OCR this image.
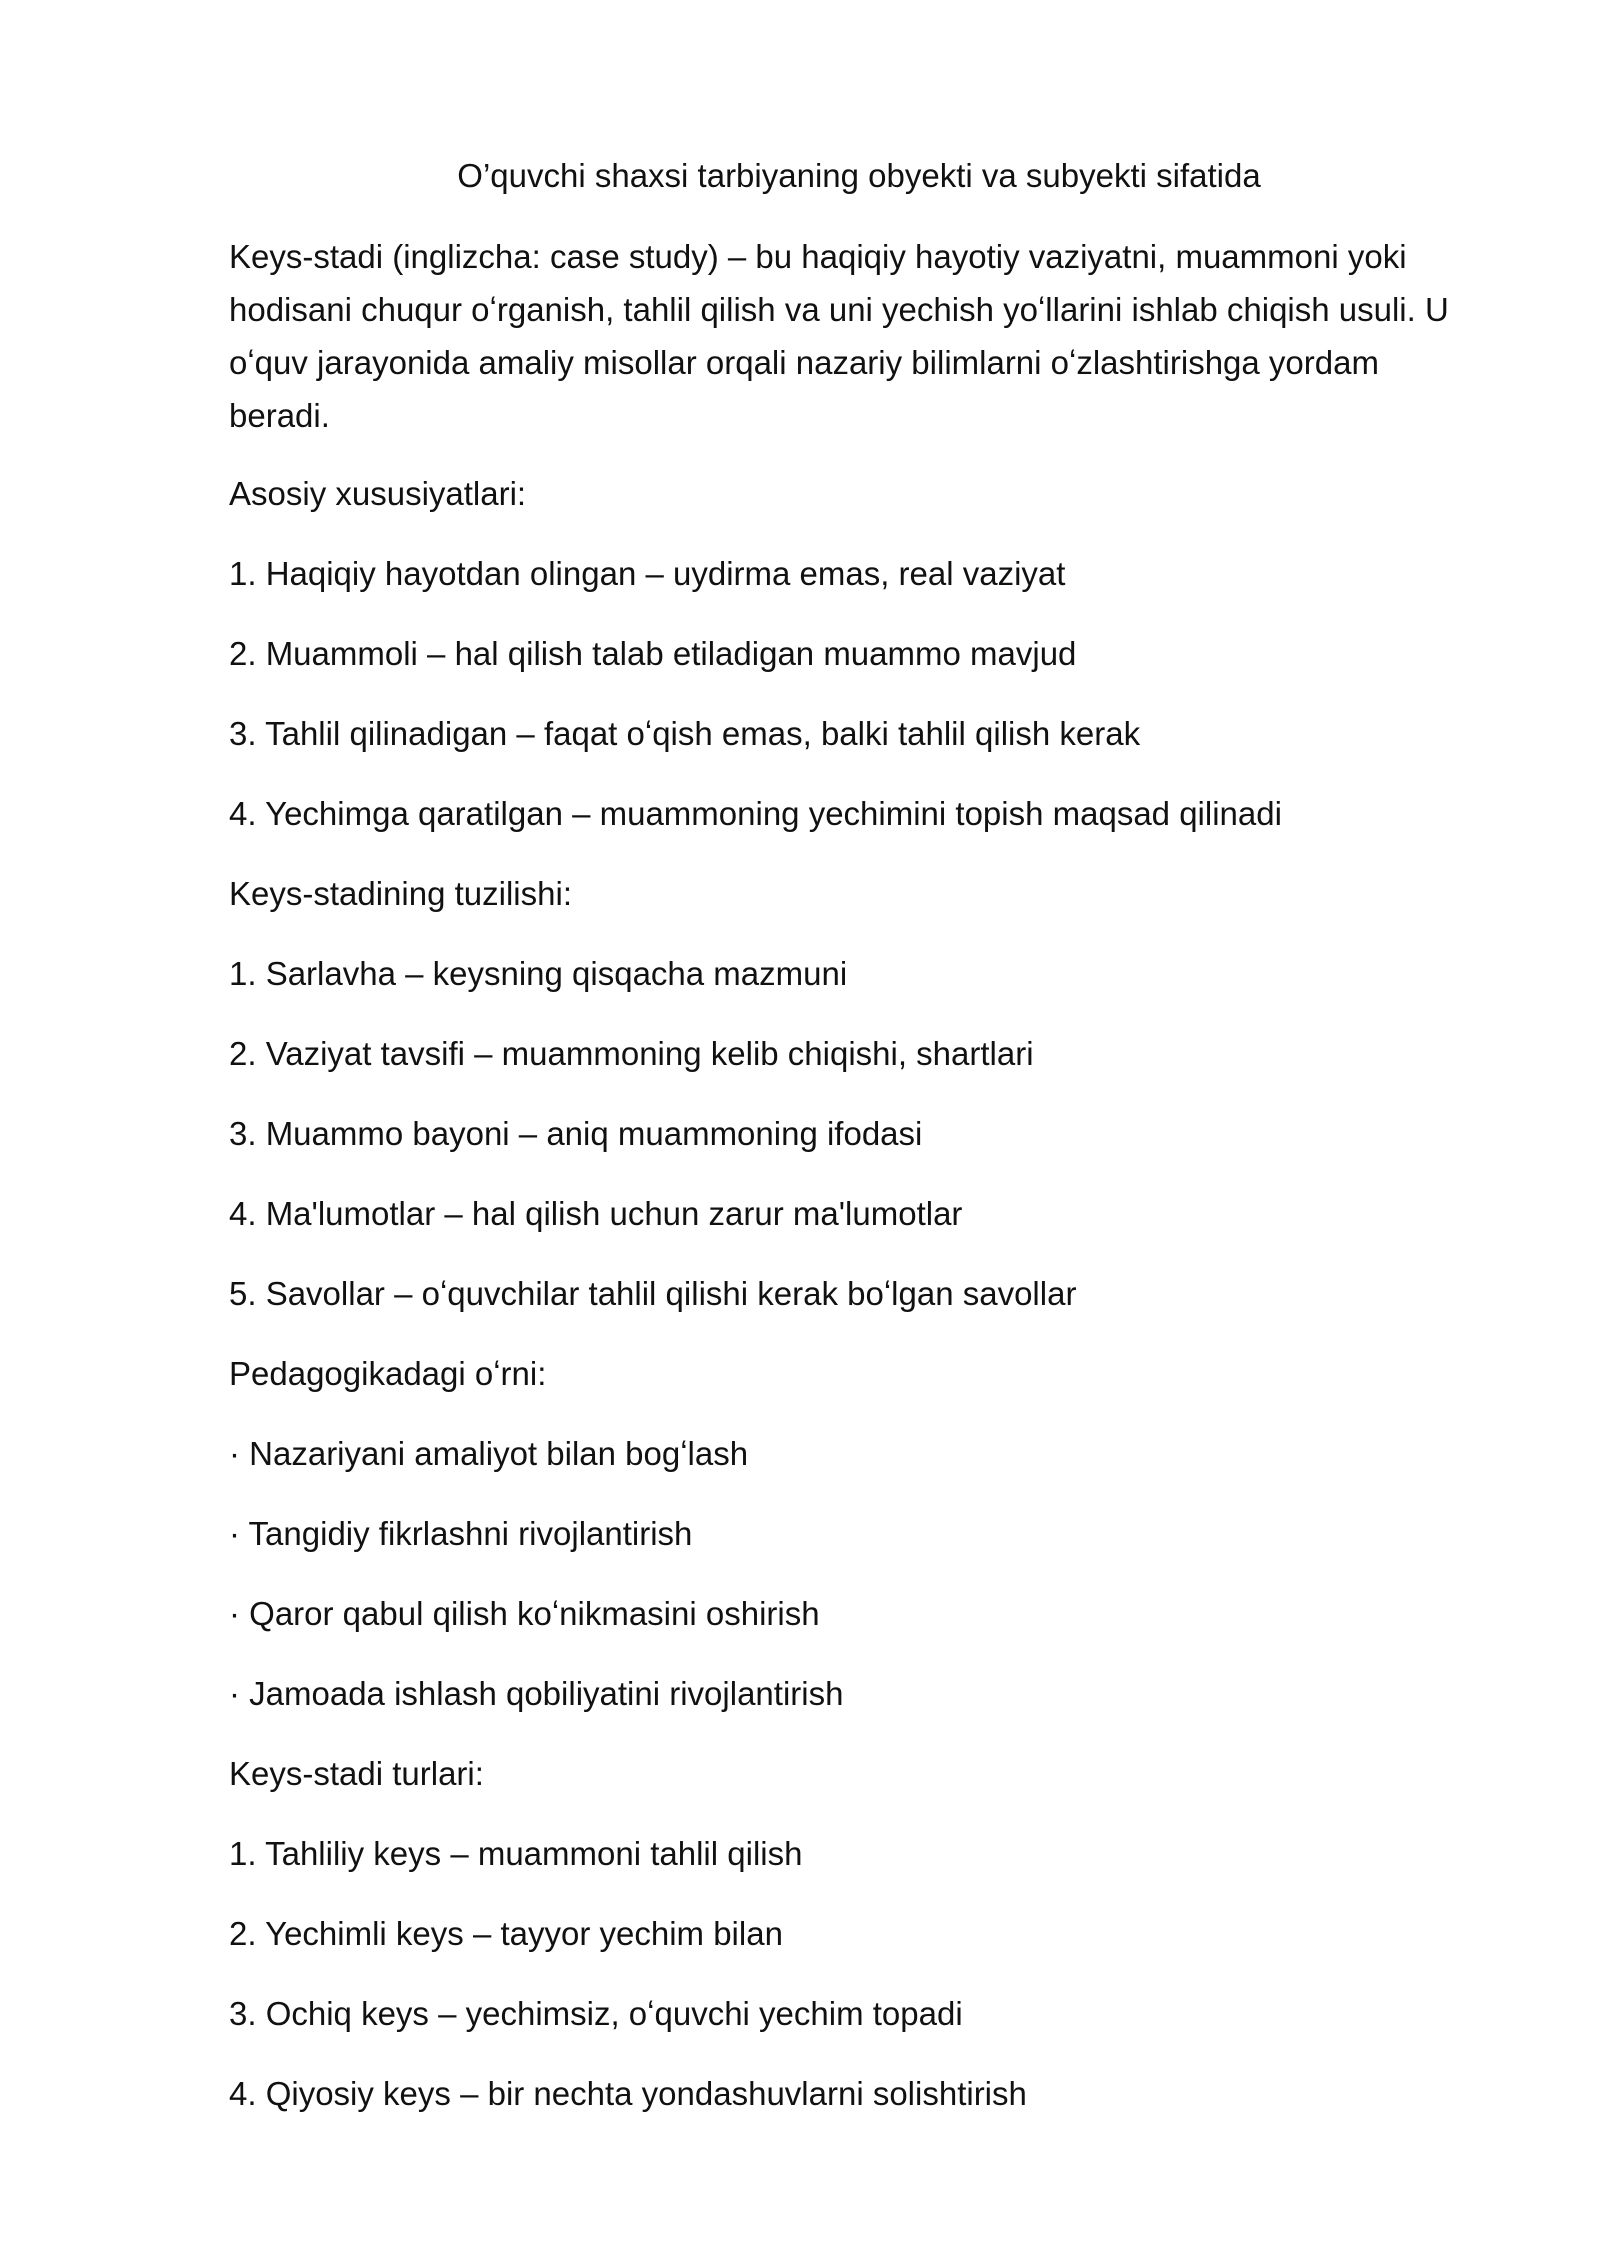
O’quvchi shaxsi tarbiyaning obyekti va subyekti sifatida
Keys-stadi (inglizcha: case study) – bu haqiqiy hayotiy vaziyatni, muammoni yoki hodisani chuqur oʻrganish, tahlil qilish va uni yechish yoʻllarini ishlab chiqish usuli. U oʻquv jarayonida amaliy misollar orqali nazariy bilimlarni oʻzlashtirishga yordam beradi.
Asosiy xususiyatlari:
1. Haqiqiy hayotdan olingan – uydirma emas, real vaziyat
2. Muammoli – hal qilish talab etiladigan muammo mavjud
3. Tahlil qilinadigan – faqat oʻqish emas, balki tahlil qilish kerak
4. Yechimga qaratilgan – muammoning yechimini topish maqsad qilinadi
Keys-stadining tuzilishi:
1. Sarlavha – keysning qisqacha mazmuni
2. Vaziyat tavsifi – muammoning kelib chiqishi, shartlari
3. Muammo bayoni – aniq muammoning ifodasi
4. Ma'lumotlar – hal qilish uchun zarur ma'lumotlar
5. Savollar – oʻquvchilar tahlil qilishi kerak boʻlgan savollar
Pedagogikadagi oʻrni:
· Nazariyani amaliyot bilan bogʻlash
· Tangidiy fikrlashni rivojlantirish
· Qaror qabul qilish koʻnikmasini oshirish
· Jamoada ishlash qobiliyatini rivojlantirish
Keys-stadi turlari:
1. Tahliliy keys – muammoni tahlil qilish
2. Yechimli keys – tayyor yechim bilan
3. Ochiq keys – yechimsiz, oʻquvchi yechim topadi
4. Qiyosiy keys – bir nechta yondashuvlarni solishtirish
